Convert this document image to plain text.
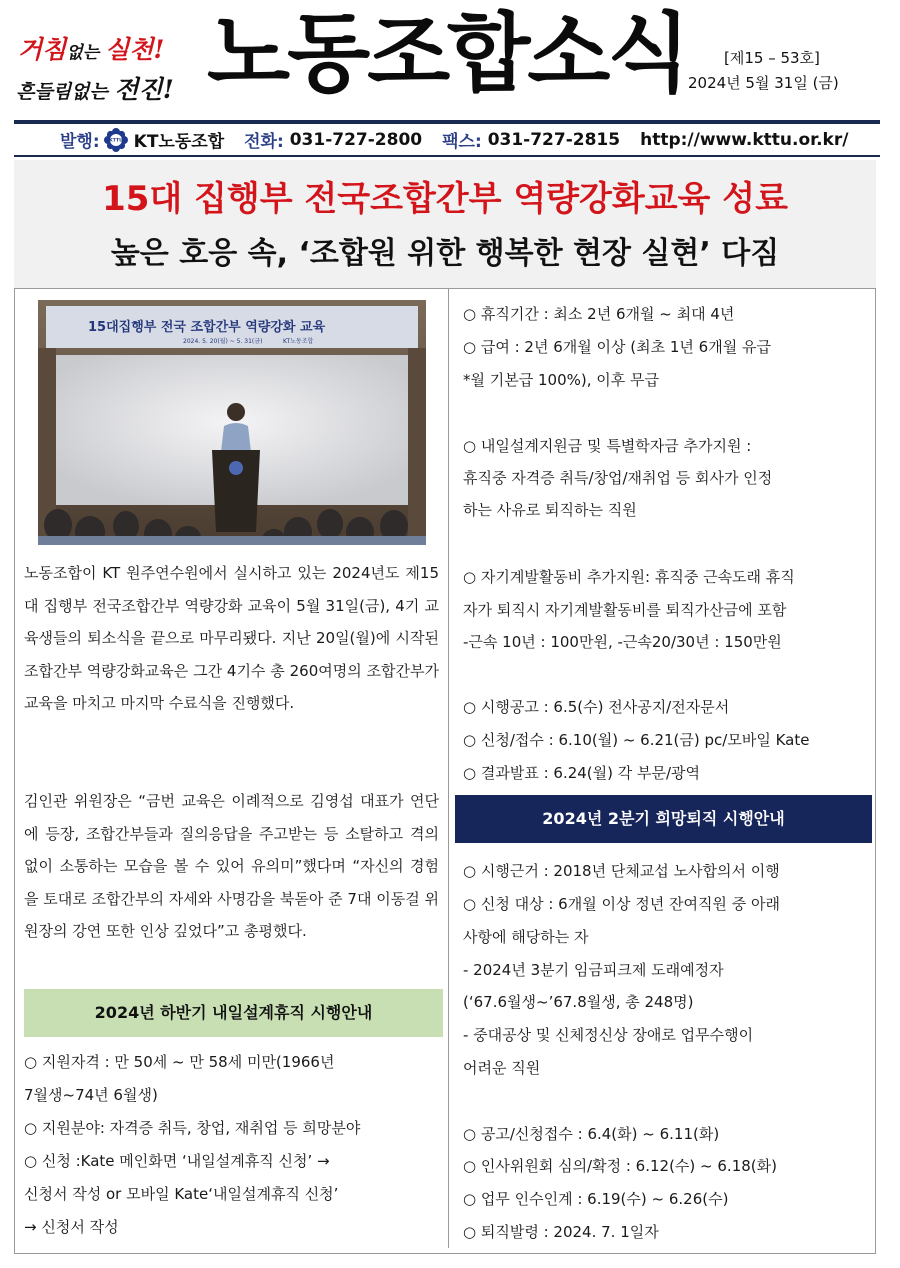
거침없는 실천!
흔들림없는 전진! 노동조합소식 [제15 – 53호]
2024년 5월 31일 (금)
발행: KTTU KT노동조합 전화:
031-727-2800 팩스:
031-727-2815 http://www.kttu.or.kr/
15대 집행부 전국조합간부 역량강화교육 성료
높은 호응 속, ‘조합원 위한 행복한 현장 실현’ 다짐
15대집행부 전국 조합간부 역량강화 교육
2024. 5. 20(월) ~ 5. 31(금)	KT노동조합
노동조합이 KT 원주연수원에서 실시하고 있는 2024년도 제15대 집행부 전국조합간부 역량강화 교육이 5월 31일(금), 4기 교육생들의 퇴소식을 끝으로 마무리됐다. 지난 20일(월)에 시작된 조합간부 역량강화교육은 그간 4기수 총 260여명의 조합간부가 교육을 마치고 마지막 수료식을 진행했다.
김인관 위원장은 “금번 교육은 이례적으로 김영섭 대표가 연단에 등장, 조합간부들과 질의응답을 주고받는 등 소탈하고 격의 없이 소통하는 모습을 볼 수 있어 유의미”했다며 “자신의 경험을 토대로 조합간부의 자세와 사명감을 북돋아 준 7대 이동걸 위원장의 강연 또한 인상 깊었다”고 총평했다.
2024년 하반기 내일설계휴직 시행안내
○ 지원자격 : 만 50세 ~ 만 58세 미만(1966년
7월생~74년 6월생)
○ 지원분야: 자격증 취득, 창업, 재취업 등 희망분야
○ 신청 :Kate 메인화면 ‘내일설계휴직 신청’ →
신청서 작성 or 모바일 Kate‘내일설계휴직 신청’
→ 신청서 작성
○ 휴직기간 : 최소 2년 6개월 ~ 최대 4년
○ 급여 : 2년 6개월 이상 (최초 1년 6개월 유급
*월 기본급 100%), 이후 무급
○ 내일설계지원금 및 특별학자금 추가지원 :
휴직중 자격증 취득/창업/재취업 등 회사가 인정
하는 사유로 퇴직하는 직원
○ 자기계발활동비 추가지원: 휴직중 근속도래 휴직
자가 퇴직시 자기계발활동비를 퇴직가산금에 포함
-근속 10년 : 100만원, -근속20/30년 : 150만원
○ 시행공고 : 6.5(수) 전사공지/전자문서
○ 신청/접수 : 6.10(월) ~ 6.21(금) pc/모바일 Kate
○ 결과발표 : 6.24(월) 각 부문/광역
2024년 2분기 희망퇴직 시행안내
○ 시행근거 : 2018년 단체교섭 노사합의서 이행
○ 신청 대상 : 6개월 이상 정년 잔여직원 중 아래
사항에 해당하는 자
- 2024년 3분기 임금피크제 도래예정자
(‘67.6월생~’67.8월생, 총 248명)
- 중대공상 및 신체정신상 장애로 업무수행이
어려운 직원
○ 공고/신청접수 : 6.4(화) ~ 6.11(화)
○ 인사위원회 심의/확정 : 6.12(수) ~ 6.18(화)
○ 업무 인수인계 : 6.19(수) ~ 6.26(수)
○ 퇴직발령 : 2024. 7. 1일자
